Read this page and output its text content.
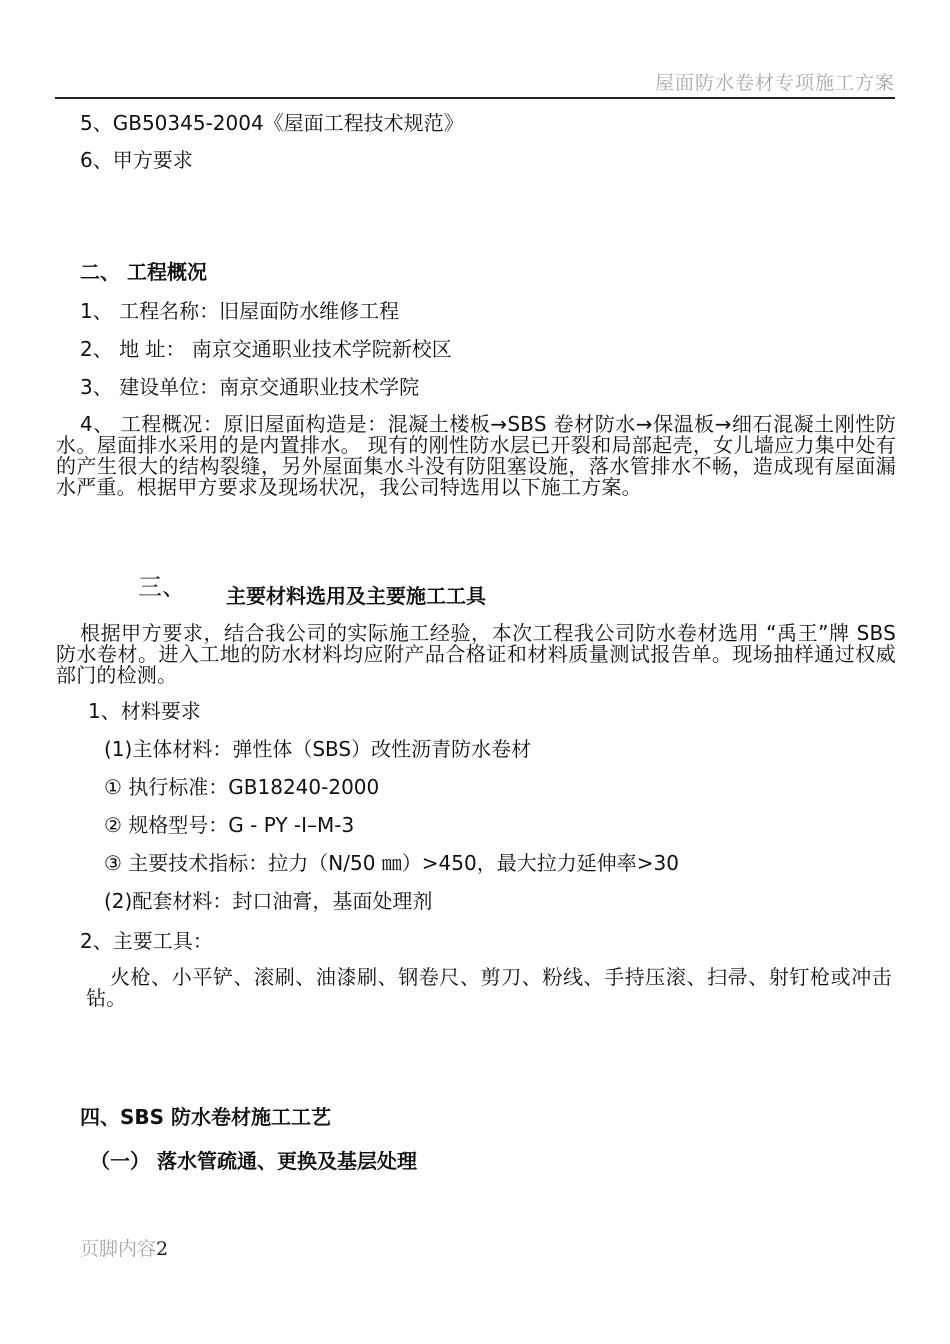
屋面防水卷材专项施工方案
5、GB50345-2004《屋面工程技术规范》
6、甲方要求
二、 工程概况
1、 工程名称：旧屋面防水维修工程
2、 地 址： 南京交通职业技术学院新校区
3、 建设单位：南京交通职业技术学院
4、 工程概况：原旧屋面构造是：混凝土楼板→SBS 卷材防水→保温板→细石混凝土刚性防水。屋面排水采用的是内置排水。 现有的刚性防水层已开裂和局部起壳，女儿墙应力集中处有的产生很大的结构裂缝，另外屋面集水斗没有防阻塞设施，落水管排水不畅，造成现有屋面漏水严重。根据甲方要求及现场状况，我公司特选用以下施工方案。
三、 主要材料选用及主要施工工具
根据甲方要求，结合我公司的实际施工经验，本次工程我公司防水卷材选用 “禹王”牌 SBS 防水卷材。进入工地的防水材料均应附产品合格证和材料质量测试报告单。现场抽样通过权威部门的检测。
1、材料要求
(1)主体材料：弹性体（SBS）改性沥青防水卷材
① 执行标准：GB18240-2000
② 规格型号：G - PY -I–M-3
③ 主要技术指标：拉力（N/50 ㎜）>450，最大拉力延伸率>30
(2)配套材料：封口油膏，基面处理剂
2、主要工具：
火枪、小平铲、滚刷、油漆刷、钢卷尺、剪刀、粉线、手持压滚、扫帚、射钉枪或冲击钻。
四、SBS 防水卷材施工工艺
（一） 落水管疏通、更换及基层处理
页脚内容2
